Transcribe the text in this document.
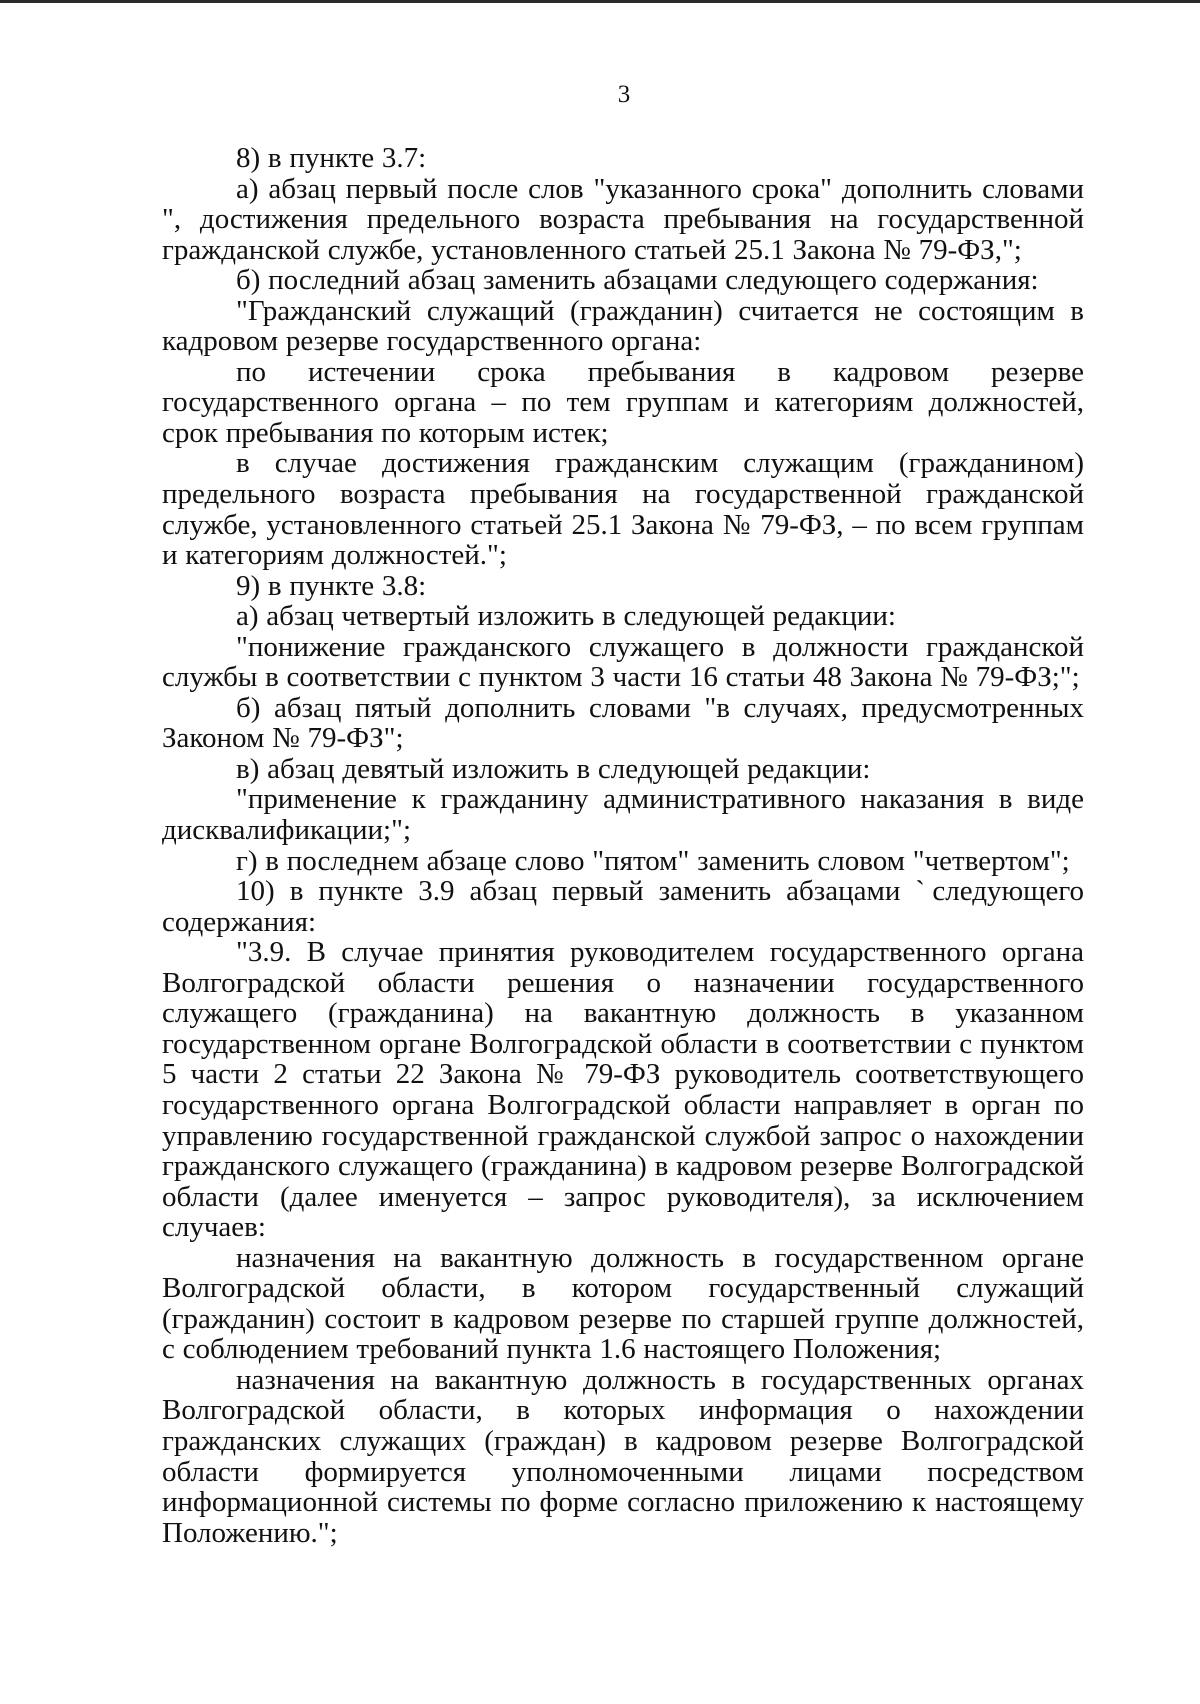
3

8) в пункте 3.7:

а) абзац первый после слов "указанного срока" дополнить словами ", достижения предельного возраста пребывания на государственной гражданской службе, установленного статьей 25.1 Закона № 79-ФЗ,";

б) последний абзац заменить абзацами следующего содержания:

"Гражданский служащий (гражданин) считается не состоящим в кадровом резерве государственного органа:

по истечении срока пребывания в кадровом резерве государственного органа – по тем группам и категориям должностей, срок пребывания по которым истек;

в случае достижения гражданским служащим (гражданином) предельного возраста пребывания на государственной гражданской службе, установленного статьей 25.1 Закона № 79-ФЗ, – по всем группам и категориям должностей.";

9) в пункте 3.8:

а) абзац четвертый изложить в следующей редакции:

"понижение гражданского служащего в должности гражданской службы в соответствии с пунктом 3 части 16 статьи 48 Закона № 79-ФЗ;";

б) абзац пятый дополнить словами "в случаях, предусмотренных Законом № 79-ФЗ";

в) абзац девятый изложить в следующей редакции:

"применение к гражданину административного наказания в виде дисквалификации;";

г) в последнем абзаце слово "пятом" заменить словом "четвертом";

10) в пункте 3.9 абзац первый заменить абзацами ˋследующего содержания:

"3.9. В случае принятия руководителем государственного органа Волгоградской области решения о назначении государственного служащего (гражданина) на вакантную должность в указанном государственном органе Волгоградской области в соответствии с пунктом 5 части 2 статьи 22 Закона № 79-ФЗ руководитель соответствующего государственного органа Волгоградской области направляет в орган по управлению государственной гражданской службой запрос о нахождении гражданского служащего (гражданина) в кадровом резерве Волгоградской области (далее именуется – запрос руководителя), за исключением случаев:

назначения на вакантную должность в государственном органе Волгоградской области, в котором государственный служащий (гражданин) состоит в кадровом резерве по старшей группе должностей, с соблюдением требований пункта 1.6 настоящего Положения;

назначения на вакантную должность в государственных органах Волгоградской области, в которых информация о нахождении гражданских служащих (граждан) в кадровом резерве Волгоградской области формируется уполномоченными лицами посредством информационной системы по форме согласно приложению к настоящему Положению.";
